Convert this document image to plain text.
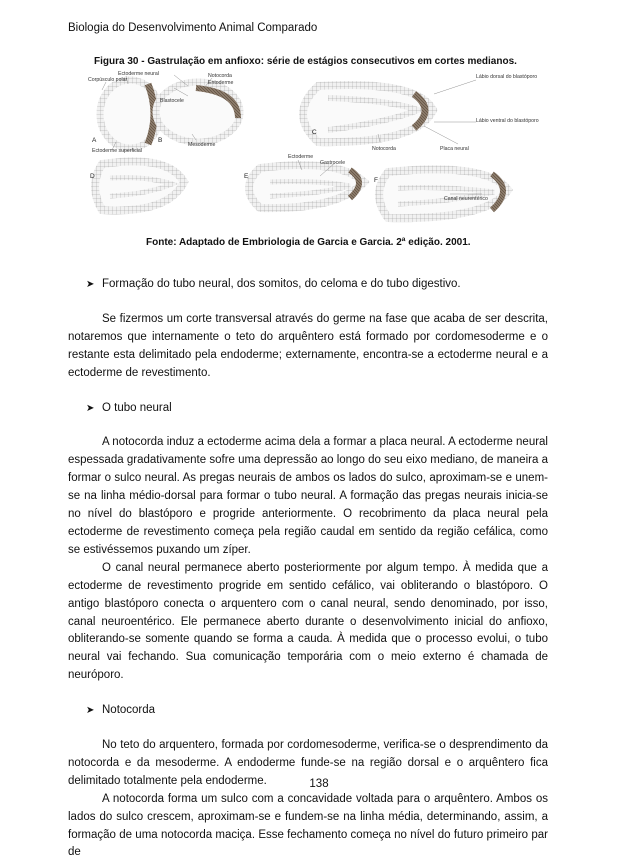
Biologia do Desenvolvimento Animal Comparado
Figura 30 - Gastrulação em anfioxo: série de estágios consecutivos em cortes medianos.
Ectoderme neural
Corpúsculo polar
Blastocele
Notocorda
Entoderme
Ectoderme superficial
Mesoderme
Lábio dorsal do blastóporo
Lábio ventral do blastóporo
Notocorda	Placa neural
Gastrocele
Canal neurentérico
Ectoderme
A	B
C
D	E
F
Fonte: Adaptado de Embriologia de Garcia e Garcia. 2ª edição. 2001.
➤ Formação do tubo neural, dos somitos, do celoma e do tubo digestivo.

Se fizermos um corte transversal através do germe na fase que acaba de ser descrita, notaremos que internamente o teto do arquêntero está formado por cordomesoderme e o restante esta delimitado pela endoderme; externamente, encontra-se a ectoderme neural e a ectoderme de revestimento.

➤ O tubo neural

A notocorda induz a ectoderme acima dela a formar a placa neural. A ectoderme neural espessada gradativamente sofre uma depressão ao longo do seu eixo mediano, de maneira a formar o sulco neural. As pregas neurais de ambos os lados do sulco, aproximam-se e unem-se na linha médio-dorsal para formar o tubo neural. A formação das pregas neurais inicia-se no nível do blastóporo e progride anteriormente. O recobrimento da placa neural pela ectoderme de revestimento começa pela região caudal em sentido da região cefálica, como se estivéssemos puxando um zíper.

O canal neural permanece aberto posteriormente por algum tempo. À medida que a ectoderme de revestimento progride em sentido cefálico, vai obliterando o blastóporo. O antigo blastóporo conecta o arquentero com o canal neural, sendo denominado, por isso, canal neuroentérico. Ele permanece aberto durante o desenvolvimento inicial do anfioxo, obliterando-se somente quando se forma a cauda. À medida que o processo evolui, o tubo neural vai fechando. Sua comunicação temporária com o meio externo é chamada de neuróporo.

➤ Notocorda

No teto do arquentero, formada por cordomesoderme, verifica-se o desprendimento da notocorda e da mesoderme. A endoderme funde-se na região dorsal e o arquêntero fica delimitado totalmente pela endoderme.

A notocorda forma um sulco com a concavidade voltada para o arquêntero. Ambos os lados do sulco crescem, aproximam-se e fundem-se na linha média, determinando, assim, a formação de uma notocorda maciça. Esse fechamento começa no nível do futuro primeiro par de

138
